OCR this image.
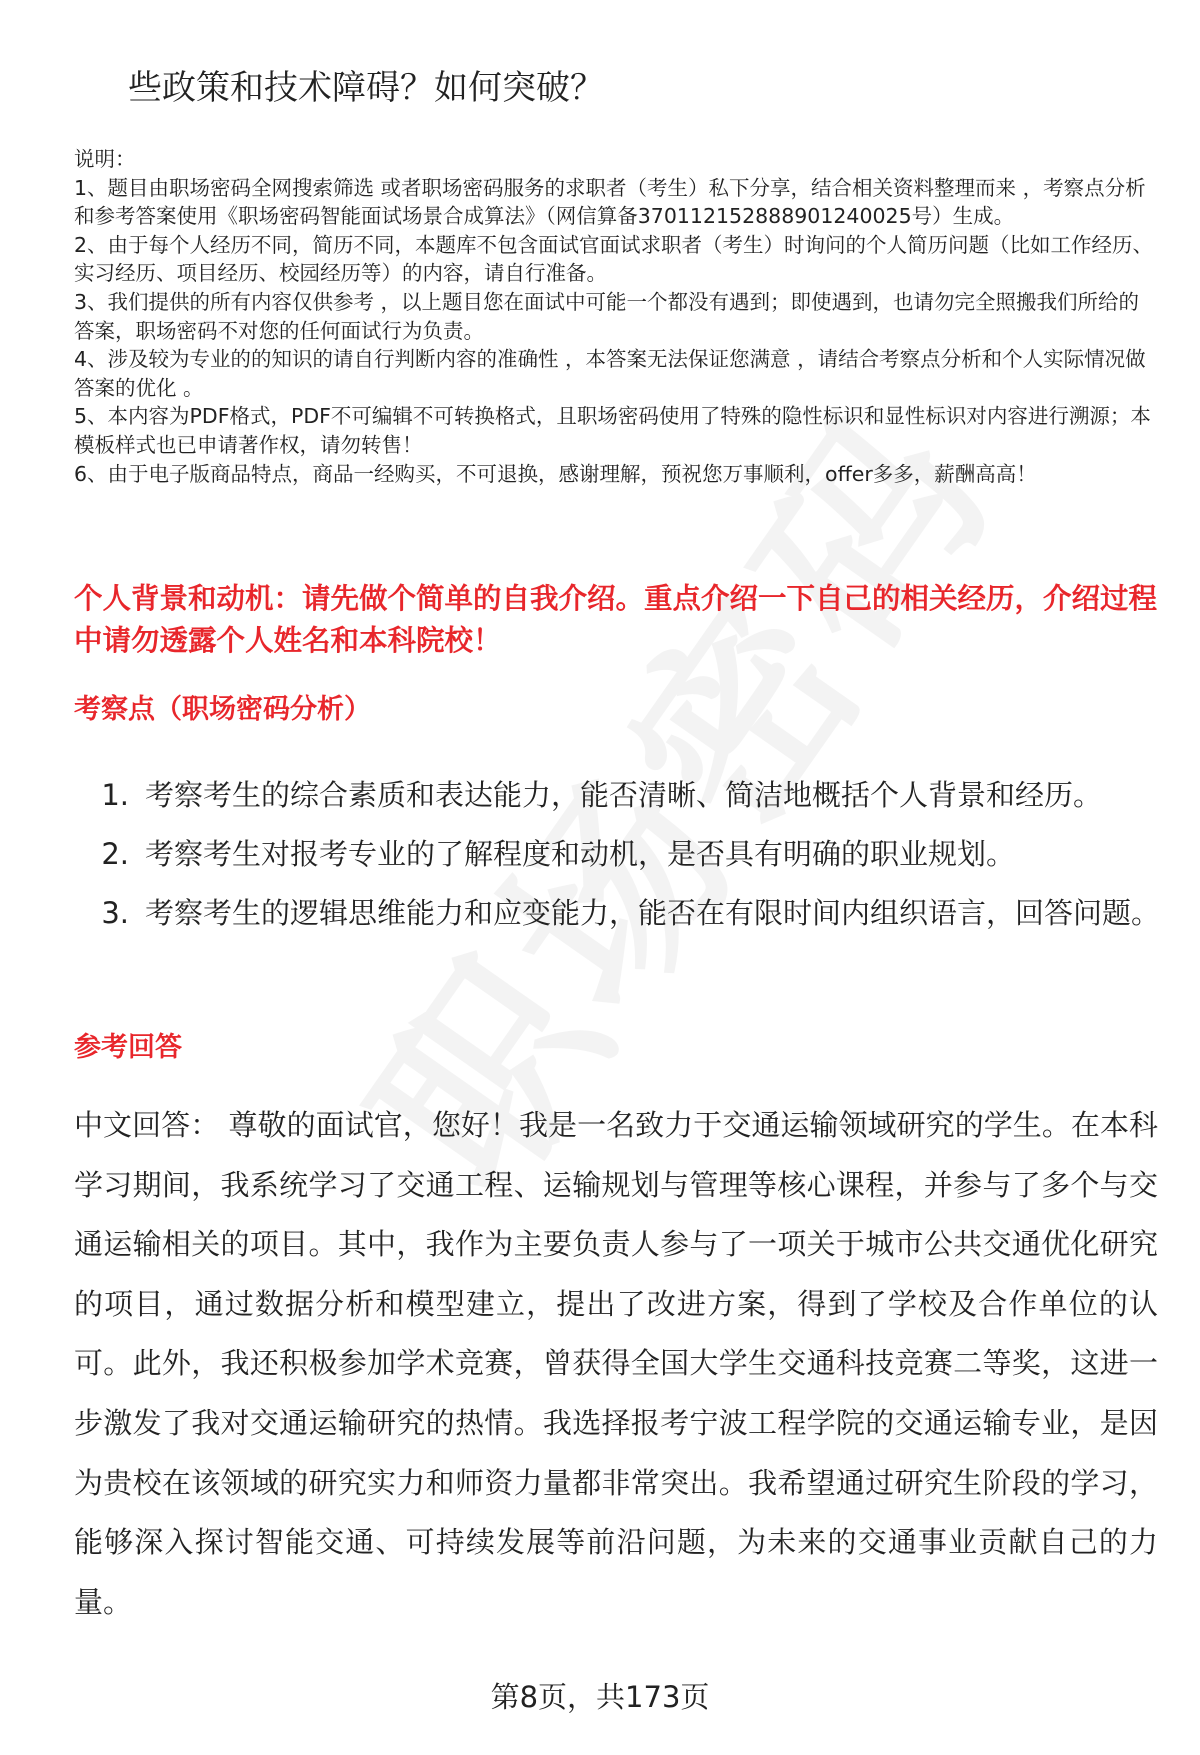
些政策和技术障碍？如何突破？

说明：

1、题目由职场密码全网搜索筛选 或者职场密码服务的求职者（考生）私下分享，结合相关资料整理而来 ，考察点分析和参考答案使用《职场密码智能面试场景合成算法》（网信算备370112152888901240025号）生成。

2、由于每个人经历不同，简历不同，本题库不包含面试官面试求职者（考生）时询问的个人简历问题（比如工作经历、实习经历、项目经历、校园经历等）的内容，请自行准备。

3、我们提供的所有内容仅供参考 ，以上题目您在面试中可能一个都没有遇到；即使遇到，也请勿完全照搬我们所给的答案，职场密码不对您的任何面试行为负责。

4、涉及较为专业的的知识的请自行判断内容的准确性 ，本答案无法保证您满意 ，请结合考察点分析和个人实际情况做答案的优化 。

5、本内容为PDF格式，PDF不可编辑不可转换格式，且职场密码使用了特殊的隐性标识和显性标识对内容进行溯源；本模板样式也已申请著作权，请勿转售！

6、由于电子版商品特点，商品一经购买，不可退换，感谢理解，预祝您万事顺利，offer多多，薪酬高高！

个人背景和动机：请先做个简单的自我介绍。重点介绍一下自己的相关经历，介绍过程中请勿透露个人姓名和本科院校！
考察点（职场密码分析）
1. 考察考生的综合素质和表达能力，能否清晰、简洁地概括个人背景和经历。
2. 考察考生对报考专业的了解程度和动机，是否具有明确的职业规划。
3. 考察考生的逻辑思维能力和应变能力，能否在有限时间内组织语言，回答问题。
参考回答

中文回答： 尊敬的面试官，您好！我是一名致力于交通运输领域研究的学生。在本科学习期间，我系统学习了交通工程、运输规划与管理等核心课程，并参与了多个与交通运输相关的项目。其中，我作为主要负责人参与了一项关于城市公共交通优化研究的项目，通过数据分析和模型建立，提出了改进方案，得到了学校及合作单位的认可。此外，我还积极参加学术竞赛，曾获得全国大学生交通科技竞赛二等奖，这进一步激发了我对交通运输研究的热情。我选择报考宁波工程学院的交通运输专业，是因为贵校在该领域的研究实力和师资力量都非常突出。我希望通过研究生阶段的学习，能够深入探讨智能交通、可持续发展等前沿问题，为未来的交通事业贡献自己的力量。

第8页，共173页
